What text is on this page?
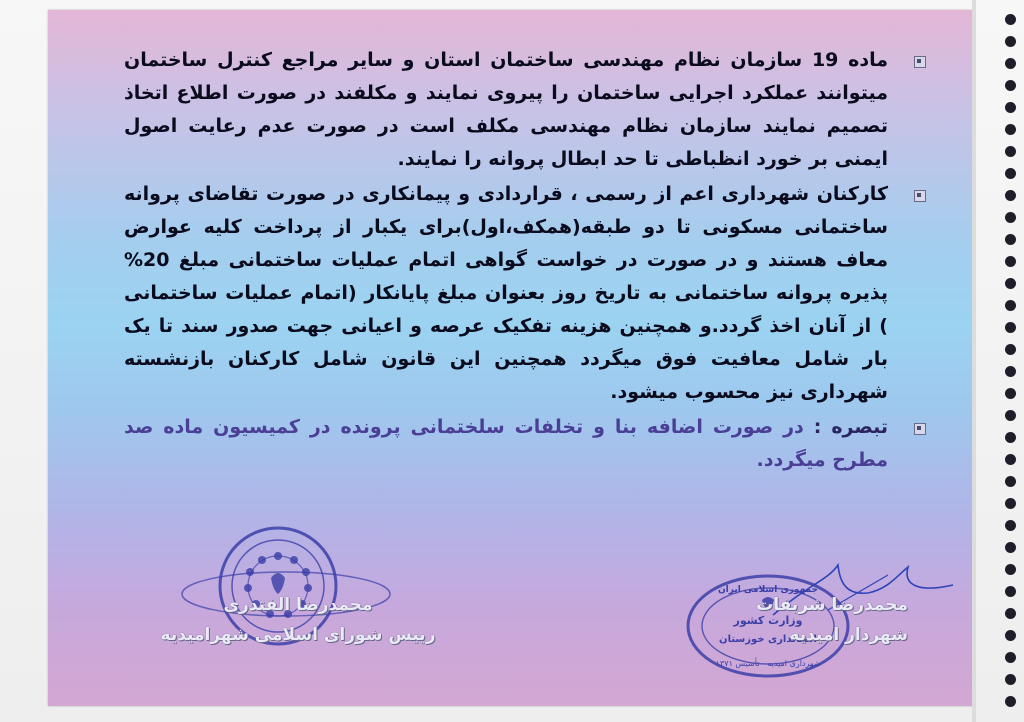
ماده 19 سازمان نظام مهندسی ساختمان استان و سایر مراجع کنترل ساختمان میتوانند عملکرد اجرایی ساختمان را پیروی نمایند و مکلفند در صورت اطلاع اتخاذ تصمیم نمایند سازمان نظام مهندسی مکلف است در صورت عدم رعایت اصول ایمنی بر خورد انظباطی تا حد ابطال پروانه را نمایند.

کارکنان شهرداری اعم از رسمی ، قراردادی و پیمانکاری در صورت تقاضای پروانه ساختمانی مسکونی تا دو طبقه(همکف،اول)برای یکبار از پرداخت کلیه عوارض معاف هستند و در صورت در خواست گواهی اتمام عملیات ساختمانی مبلغ 20% پذیره پروانه ساختمانی به تاریخ روز بعنوان مبلغ پایانکار (اتمام عملیات ساختمانی ) از آنان اخذ گردد.و همچنین هزینه تفکیک عرصه و اعیانی جهت صدور سند تا یک بار شامل معافیت فوق میگردد همچنین این قانون شامل کارکنان بازنشسته شهرداری نیز محسوب میشود.

تبصره : در صورت اضافه بنا و تخلفات سلختمانی پرونده در کمیسیون ماده صد مطرح میگردد.

جمهوری اسلامی ایران
وزارت کشور
استانداری خوزستان
شهرداری امیدیه - تأسیس ۱۳۷۱
محمدرضا الفتدری
رییس شورای اسلامی شهرامیدیه
محمدرضا شریفات
شهردار امیدیه
